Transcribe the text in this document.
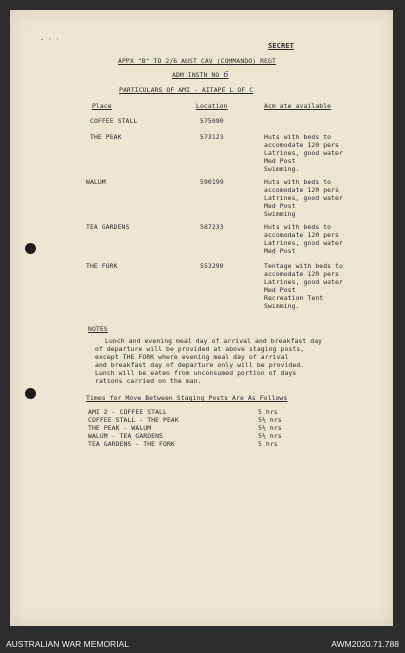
- · ·
SECRET
APPX "B" TO 2/6 AUST CAV (COMMANDO) REGT
ADM INSTN NO 6
PARTICULARS OF AMI - AITAPE L OF C
Place	Location	Acm ate available
COFFEE STALL	575090
THE PEAK	573123	Huts with beds to
accomodate 120 pers
Latrines, good water
Med Post
Swimming.
WALUM	590199	Huts with beds to
accomodate 120 pers
Latrines, good water
Med Post
Swimming
TEA GARDENS	587233	Huts with beds to
accomodate 120 pers
Latrines, good water
Med Post
THE FORK	553290	Tentage with beds to
accomodate 120 pers
Latrines, good water
Med Post
Recreation Tent
Swimming.
NOTES
Lunch and evening meal day of arrival and breakfast day
of departure will be provided at above staging posts,
except THE FORK where evening meal day of arrival
and breakfast day of departure only will be provided.
Lunch will be eaten from unconsumed portion of days
rations carried on the man.
Times for Move Between Staging Posts Are As Follows
AMI 2 - COFFEE STALL	5 hrs
COFFEE STALL - THE PEAK	5½ hrs
THE PEAK - WALUM	5½ hrs
WALUM - TEA GARDENS	5½ hrs
TEA GARDENS - THE FORK	5 hrs
AUSTRALIAN WAR MEMORIAL	AWM2020.71.788
